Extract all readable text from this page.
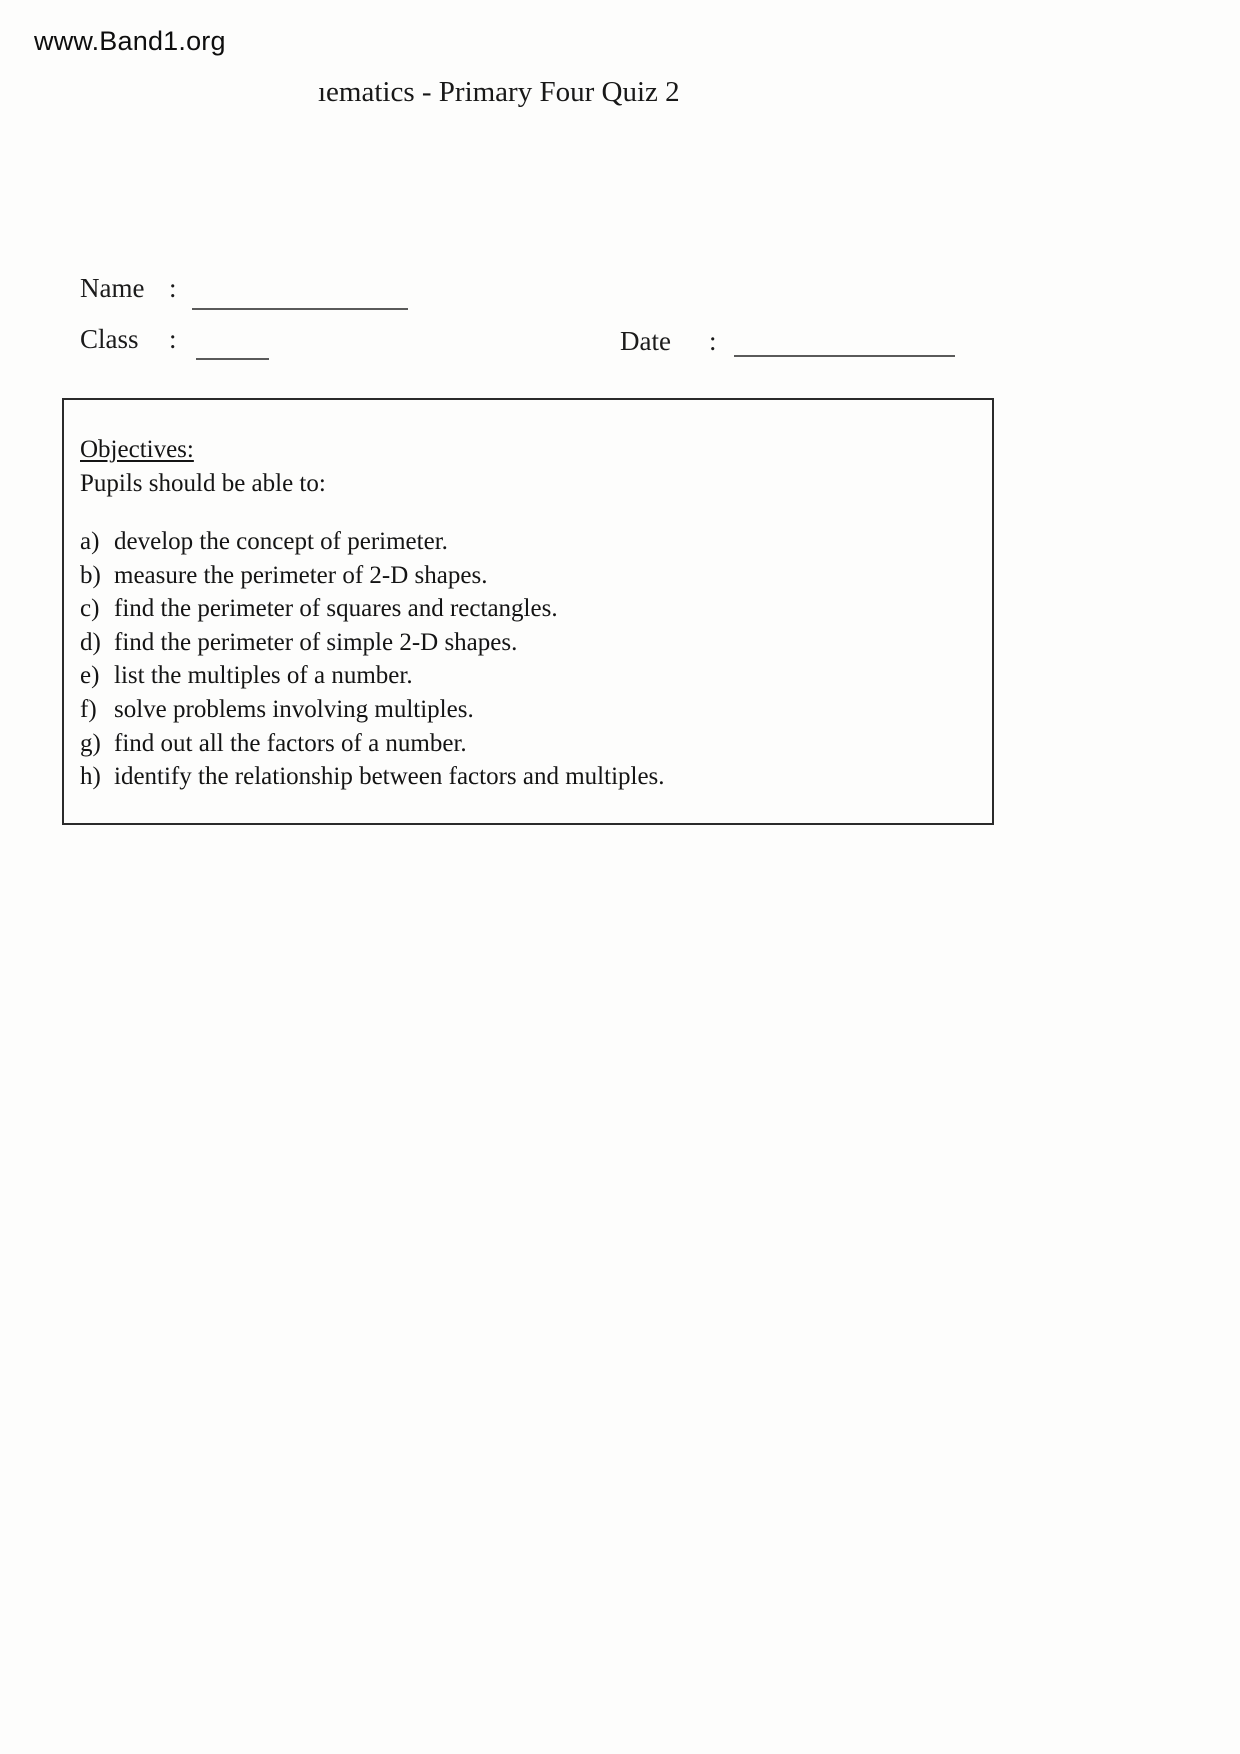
www.Band1.org
ıematics - Primary Four Quiz 2
Name :
Class :	Date :
Objectives:
Pupils should be able to:
a) develop the concept of perimeter.
b) measure the perimeter of 2-D shapes.
c) find the perimeter of squares and rectangles.
d) find the perimeter of simple 2-D shapes.
e) list the multiples of a number.
f) solve problems involving multiples.
g) find out all the factors of a number.
h) identify the relationship between factors and multiples.
